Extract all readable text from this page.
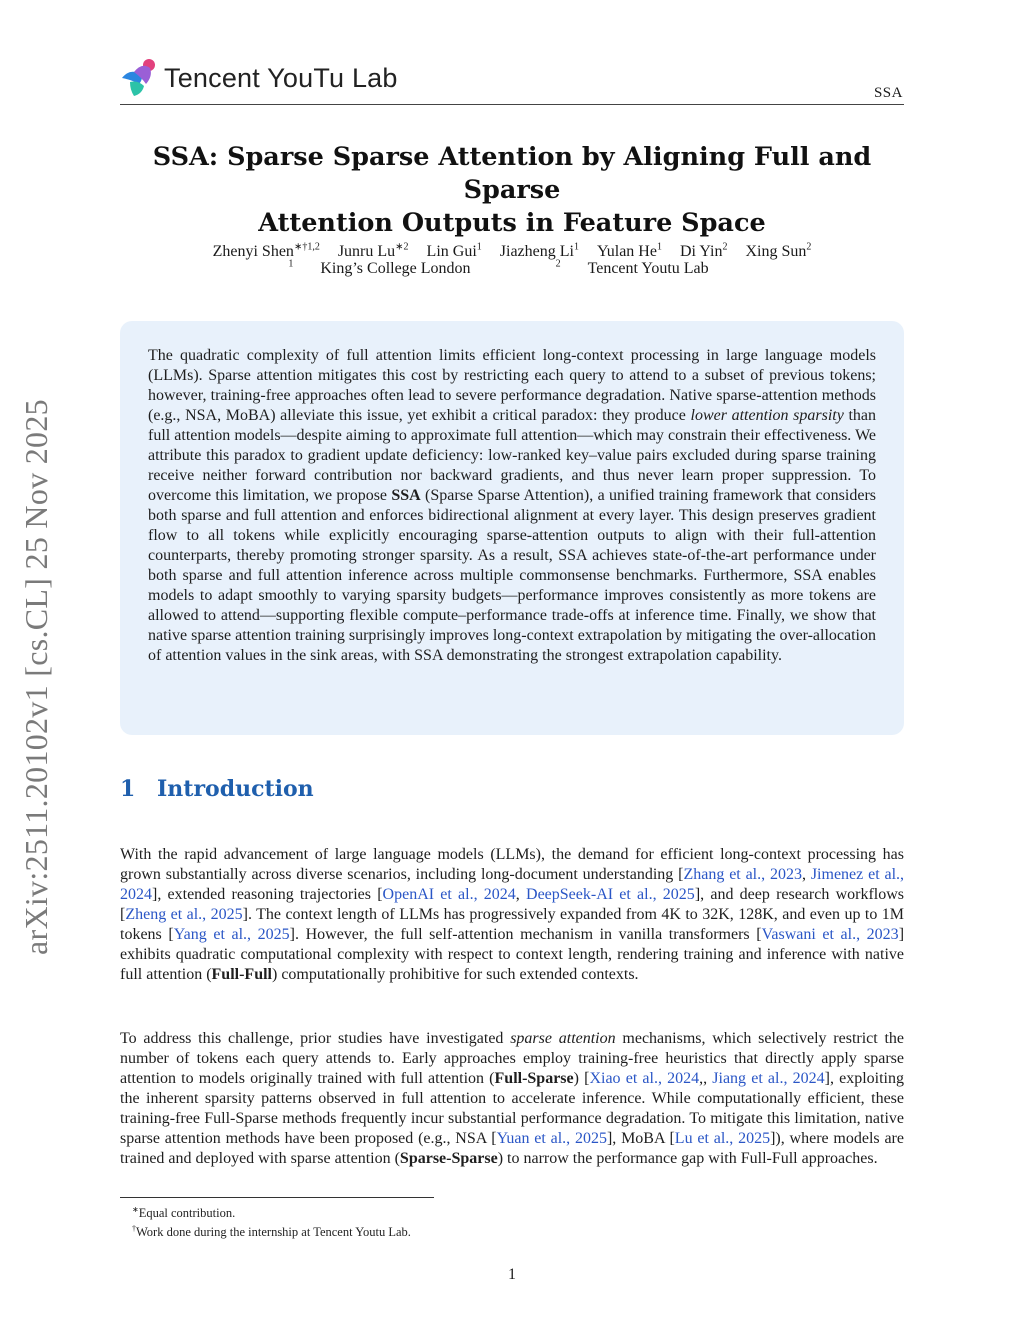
Tencent YouTu Lab
SSA
arXiv:2511.20102v1 [cs.CL] 25 Nov 2025
SSA: Sparse Sparse Attention by Aligning Full and Sparse
Attention Outputs in Feature Space
Zhenyi Shen$^{∗\dagger 1,2}$ Junru $Lu^{∗2}$ Lin Gui$^1$ Jiazheng Li$^1$ Yulan He$^1$ Di Yin$^2$ Xing Sun$^2$
$^1$ King’s College London	$^2$ Tencent Youtu Lab
The quadratic complexity of full attention limits efficient long-context processing in large language models (LLMs). Sparse attention mitigates this cost by restricting each query to attend to a subset of previous tokens; however, training-free approaches often lead to severe performance degradation. Native sparse-attention methods (e.g., NSA, MoBA) alleviate this issue, yet exhibit a critical paradox: they produce lower attention sparsity than full attention models—despite aiming to approximate full attention—which may constrain their effectiveness. We attribute this paradox to gradient update deficiency: low-ranked key–value pairs excluded during sparse training receive neither forward contribution nor backward gradients, and thus never learn proper suppression. To overcome this limitation, we propose SSA (Sparse Sparse Attention), a unified training framework that considers both sparse and full attention and enforces bidirectional alignment at every layer. This design preserves gradient flow to all tokens while explicitly encouraging sparse-attention outputs to align with their full-attention counterparts, thereby promoting stronger sparsity. As a result, SSA achieves state-of-the-art performance under both sparse and full attention inference across multiple commonsense benchmarks. Furthermore, SSA enables models to adapt smoothly to varying sparsity budgets—performance improves consistently as more tokens are allowed to attend—supporting flexible compute–performance trade-offs at inference time. Finally, we show that native sparse attention training surprisingly improves long-context extrapolation by mitigating the over-allocation of attention values in the sink areas, with SSA demonstrating the strongest extrapolation capability.
1 Introduction
With the rapid advancement of large language models (LLMs), the demand for efficient long-context processing has grown substantially across diverse scenarios, including long-document understanding [Zhang et al., 2023, Jimenez et al., 2024], extended reasoning trajectories [OpenAI et al., 2024, DeepSeek-AI et al., 2025], and deep research workflows [Zheng et al., 2025]. The context length of LLMs has progressively expanded from 4K to 32K, 128K, and even up to 1M tokens [Yang et al., 2025]. However, the full self-attention mechanism in vanilla transformers [Vaswani et al., 2023] exhibits quadratic computational complexity with respect to context length, rendering training and inference with native full attention (Full-Full) computationally prohibitive for such extended contexts.
To address this challenge, prior studies have investigated sparse attention mechanisms, which selectively restrict the number of tokens each query attends to. Early approaches employ training-free heuristics that directly apply sparse attention to models originally trained with full attention (Full-Sparse) [Xiao et al., 2024,, Jiang et al., 2024], exploiting the inherent sparsity patterns observed in full attention to accelerate inference. While computationally efficient, these training-free Full-Sparse methods frequently incur substantial performance degradation. To mitigate this limitation, native sparse attention methods have been proposed (e.g., NSA [Yuan et al., 2025], MoBA [Lu et al., 2025]), where models are trained and deployed with sparse attention (Sparse-Sparse) to narrow the performance gap with Full-Full approaches.
∗Equal contribution.
†Work done during the internship at Tencent Youtu Lab.
1
